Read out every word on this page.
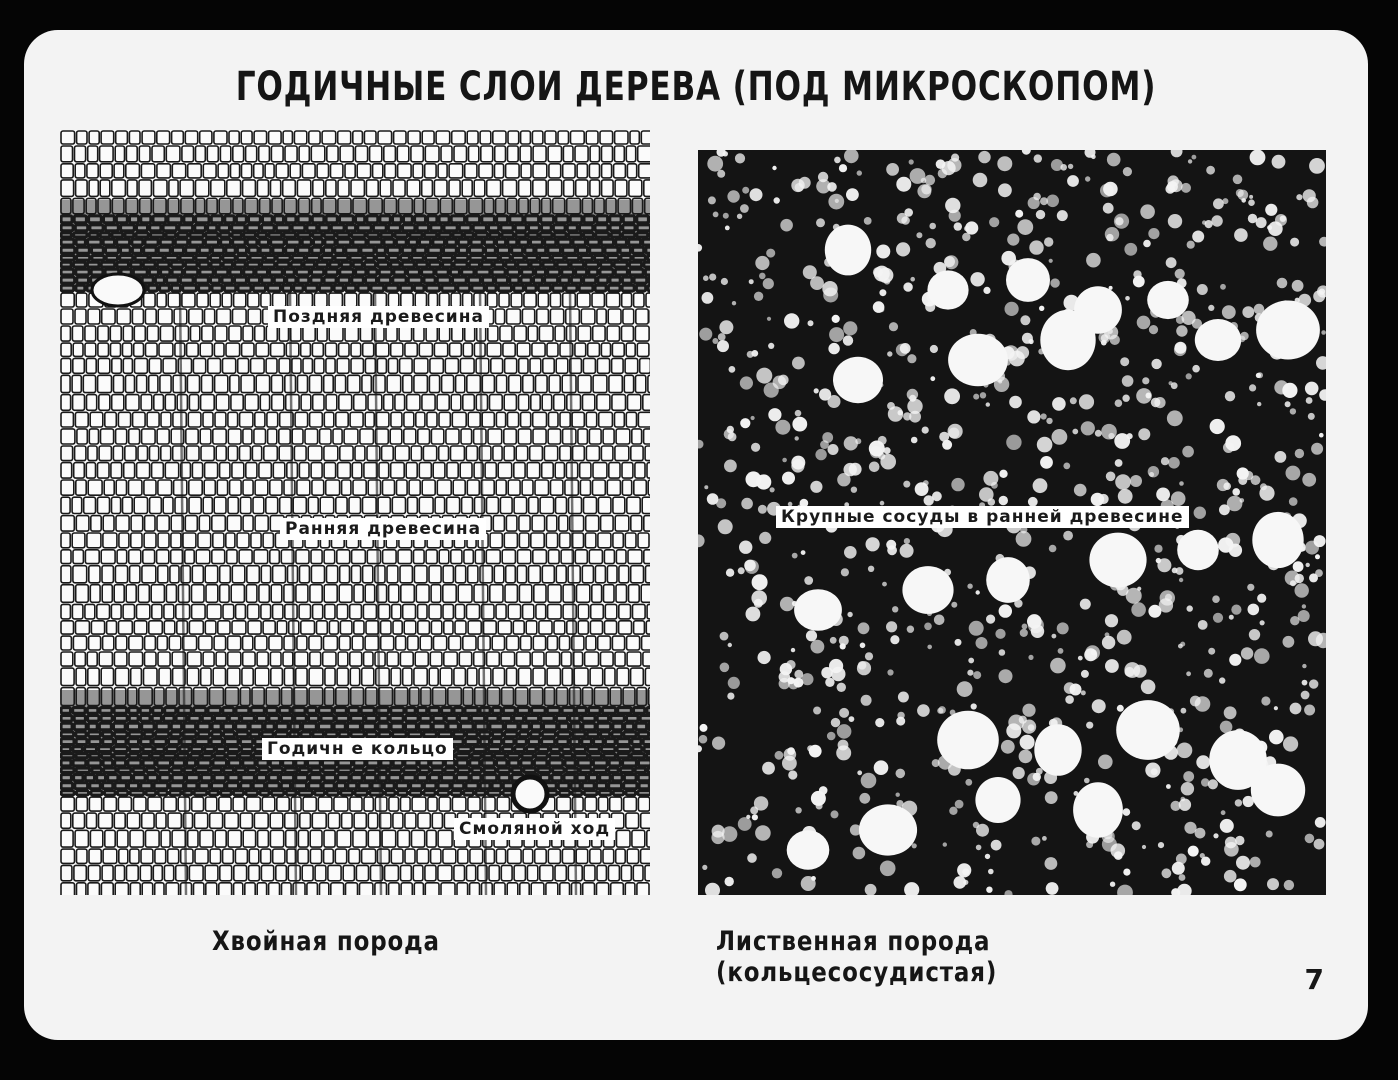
ГОДИЧНЫЕ СЛОИ ДЕРЕВА (ПОД МИКРОСКОПОМ)
Поздняя древесина
Ранняя древесина
Годичн е кольцо
Смоляной ход
Крупные сосуды в ранней древесине
Хвойная порода	Лиственная порода (кольцесосудистая)	7
